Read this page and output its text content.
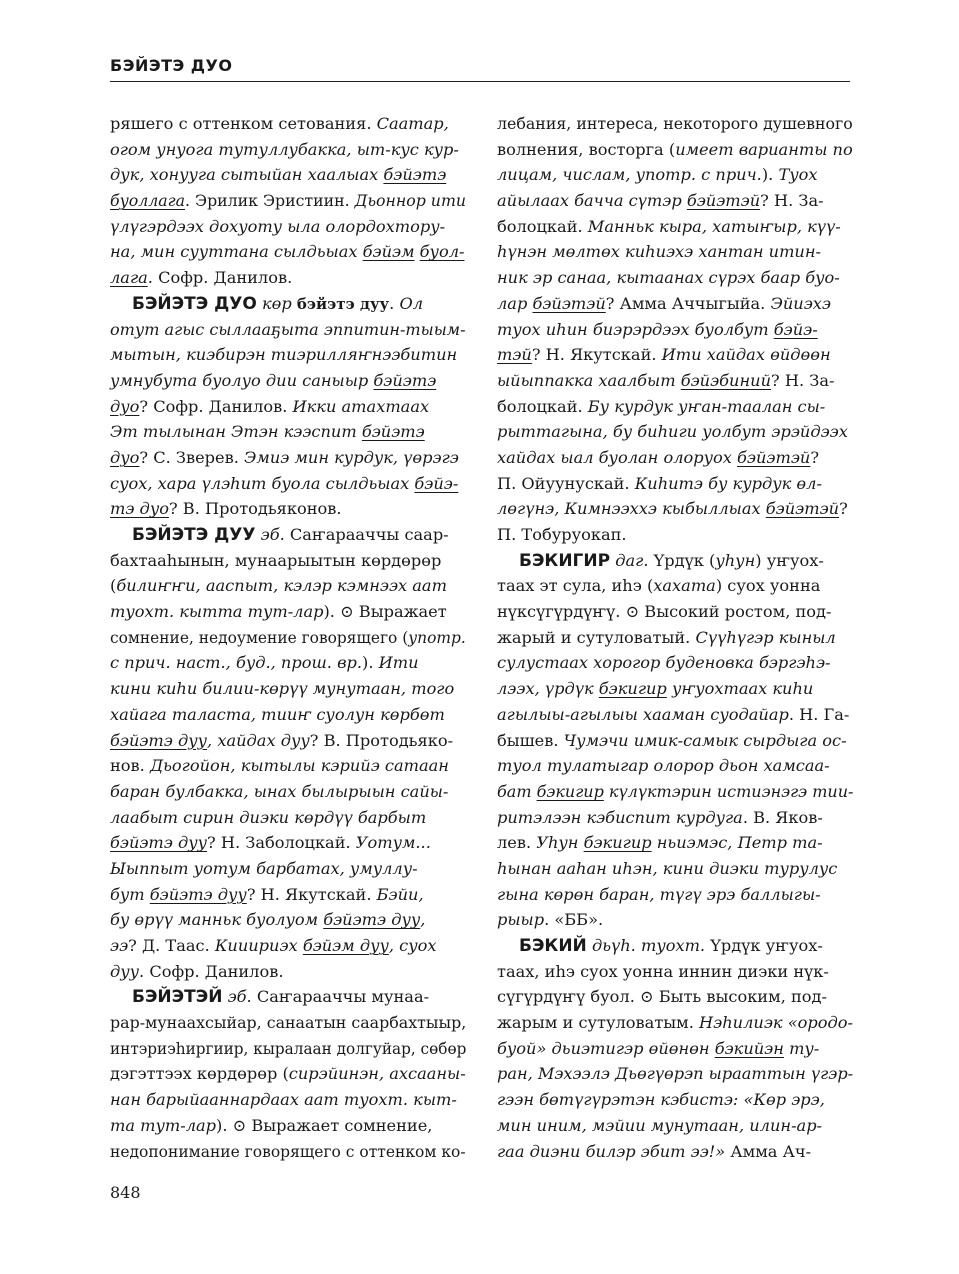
БЭЙЭТЭ ДУО
ряшего с оттенком сетования. Саатар,
огом унуога тутуллубакка, ыт-кус кур-
дук, хонууга сытыйан хаалыах бэйэтэ
буоллага. Эрилик Эристиин. Дьоннор ити
үлүгэрдээх дохуоту ыла олордохтору-
на, мин сууттана сылдьыах бэйэм буол-
лага. Софр. Данилов.
БЭЙЭТЭ ДУО көр бэйэтэ дуу. Ол
отут агыс сыллааҕыта эппитин-тыым-
мытын, киэбирэн тиэрилляҥнээбитин
умнубута буолуо дии саныыр бэйэтэ
дуо? Софр. Данилов. Икки атахтаах
Эт тылынан Этэн кээспит бэйэтэ
дуо? С. Зверев. Эмиэ мин курдук, үөрэгэ
суох, хара үлэһит буола сылдьыах бэйэ-
тэ дуо? В. Протодьяконов.
БЭЙЭТЭ ДУУ эб. Саҥарааччы саар-
бахтааһынын, мунаарыытын көрдөрөр
(билиҥҥи, ааспыт, кэлэр кэмнээх аат
туохт. кытта тут-лар). ⊙ Выражает
сомнение, недоумение говорящего (употр.
с прич. наст., буд., прош. вр.). Ити
кини киһи билии-көрүү мунутаан, того
хайага таласта, тииҥ суолун көрбөт
бэйэтэ дуу, хайдах дуу? В. Протодьяко-
нов. Дьогойон, кытылы кэрийэ сатаан
баран булбакка, ынах былырыын сайы-
лаабыт сирин диэки көрдүү барбыт
бэйэтэ дуу? Н. Заболоцкай. Уотум...
Ыыппыт уотум барбатах, умуллу-
бут бэйэтэ дуу? Н. Якутскай. Бэйи,
бу өрүү манньк буолуом бэйэтэ дуу,
ээ? Д. Таас. Кииириэх бэйэм дуу, суох
дуу. Софр. Данилов.
БЭЙЭТЭЙ эб. Саҥарааччы мунаа-
рар-мунаахсыйар, санаатын саарбахтыыр,
интэриэһиргиир, кыралаан долгуйар, сөбөр
дэгэттээх көрдөрөр (сирэйинэн, ахсааны-
нан барыйааннардаах аат туохт. кыт-
та тут-лар). ⊙ Выражает сомнение,
недопонимание говорящего с оттенком ко-
лебания, интереса, некоторого душевного
волнения, восторга (имеет варианты по
лицам, числам, употр. с прич.). Туох
айылаах бачча сүтэр бэйэтэй? Н. За-
болоцкай. Манньк кыра, хатыҥыр, күү-
һүнэн мөлтөх киһиэхэ хантан итин-
ник эр санаа, кытаанах сүрэх баар буо-
лар бэйэтэй? Амма Аччыгыйа. Эйиэхэ
туох иһин биэрэрдээх буолбут бэйэ-
тэй? Н. Якутскай. Ити хайдах өйдөөн
ыйыппакка хаалбыт бэйэбиний? Н. За-
болоцкай. Бу курдук уҥан-таалан сы-
рыттагына, бу биһиги уолбут эрэйдээх
хайдах ыал буолан олоруох бэйэтэй?
П. Ойуунускай. Киһитэ бу курдук өл-
лөгүнэ, Кимнээххэ кыбыллыах бэйэтэй?
П. Тобуруокап.
БЭКИГИР даг. Үрдүк (уһун) уҥуох-
таах эт сула, иһэ (хахата) суох уонна
нүксүгүрдүҥү. ⊙ Высокий ростом, под-
жарый и сутуловатый. Сүүһүгэр кыныл
сулустаах хорогор буденовка бэргэһэ-
лээх, үрдүк бэкигир уҥуохтаах киһи
агылыы-агылыы хааман суодайар. Н. Га-
бышев. Чумэчи имик-самык сырдыга ос-
туол тулатыгар олорор дьон хамсаа-
бат бэкигир күлүктэрин истиэнэгэ тии-
ритэлээн кэбиспит курдуга. В. Яков-
лев. Уһун бэкигир ньиэмэс, Петр та-
һынан ааһан иһэн, кини диэки турулус
гына көрөн баран, түгү эрэ баллыгы-
рыыр. «ББ».
БЭКИЙ дьүһ. туохт. Үрдүк уҥуох-
таах, иһэ суох уонна иннин диэки нүк-
сүгүрдүҥү буол. ⊙ Быть высоким, под-
жарым и сутуловатым. Нэһилиэк «ородо-
буой» дьиэтигэр өйөнөн бэкийэн ту-
ран, Мэхээлэ Дьөгүөрэп ырааттын үгэр-
гээн бөтүгүрэтэн кэбистэ: «Көр эрэ,
мин иним, мэйии мунутаан, илин-ар-
гаа диэни билэр эбит ээ!» Амма Ач-
848
